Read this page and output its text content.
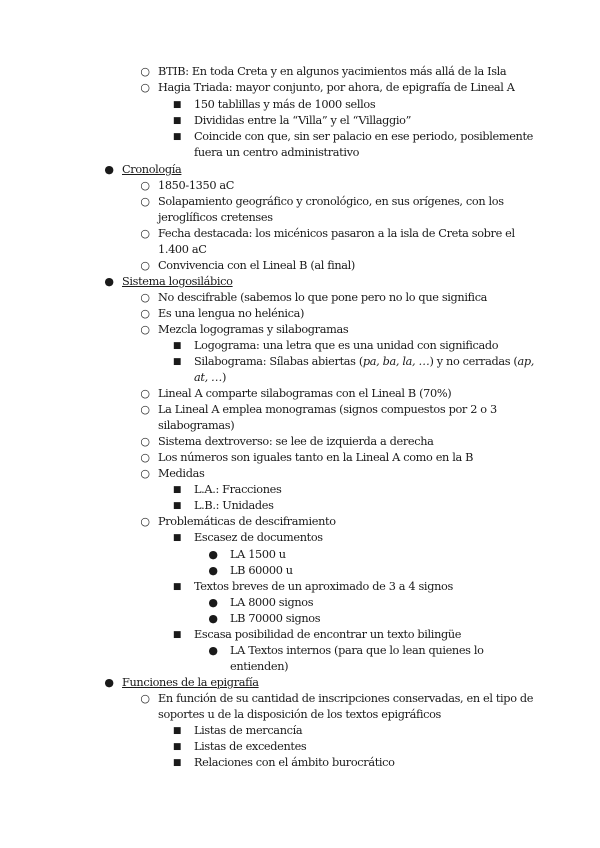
○ BTIB: En toda Creta y en algunos yacimientos más allá de la Isla
○ Hagia Triada: mayor conjunto, por ahora, de epigrafía de Lineal A
■ 150 tablillas y más de 1000 sellos
■ Divididas entre la “Villa” y el “Villaggio”
■ Coincide con que, sin ser palacio en ese periodo, posiblemente
fuera un centro administrativo
● Cronología
○ 1850-1350 aC
○ Solapamiento geográfico y cronológico, en sus orígenes, con los
jeroglíficos cretenses
○ Fecha destacada: los micénicos pasaron a la isla de Creta sobre el
1.400 aC
○ Convivencia con el Lineal B (al final)
● Sistema logosilábico
○ No descifrable (sabemos lo que pone pero no lo que significa
○ Es una lengua no helénica)
○ Mezcla logogramas y silabogramas
■ Logograma: una letra que es una unidad con significado
■ Silabograma: Sílabas abiertas (pa, ba, la, …) y no cerradas (ap,
at, …)
○ Lineal A comparte silabogramas con el Lineal B (70%)
○ La Lineal A emplea monogramas (signos compuestos por 2 o 3
silabogramas)
○ Sistema dextroverso: se lee de izquierda a derecha
○ Los números son iguales tanto en la Lineal A como en la B
○ Medidas
■ L.A.: Fracciones
■ L.B.: Unidades
○ Problemáticas de desciframiento
■ Escasez de documentos
● LA 1500 u
● LB 60000 u
■ Textos breves de un aproximado de 3 a 4 signos
● LA 8000 signos
● LB 70000 signos
■ Escasa posibilidad de encontrar un texto bilingüe
● LA Textos internos (para que lo lean quienes lo
entienden)
● Funciones de la epigrafía
○ En función de su cantidad de inscripciones conservadas, en el tipo de
soportes u de la disposición de los textos epigráficos
■ Listas de mercancía
■ Listas de excedentes
■ Relaciones con el ámbito burocrático
